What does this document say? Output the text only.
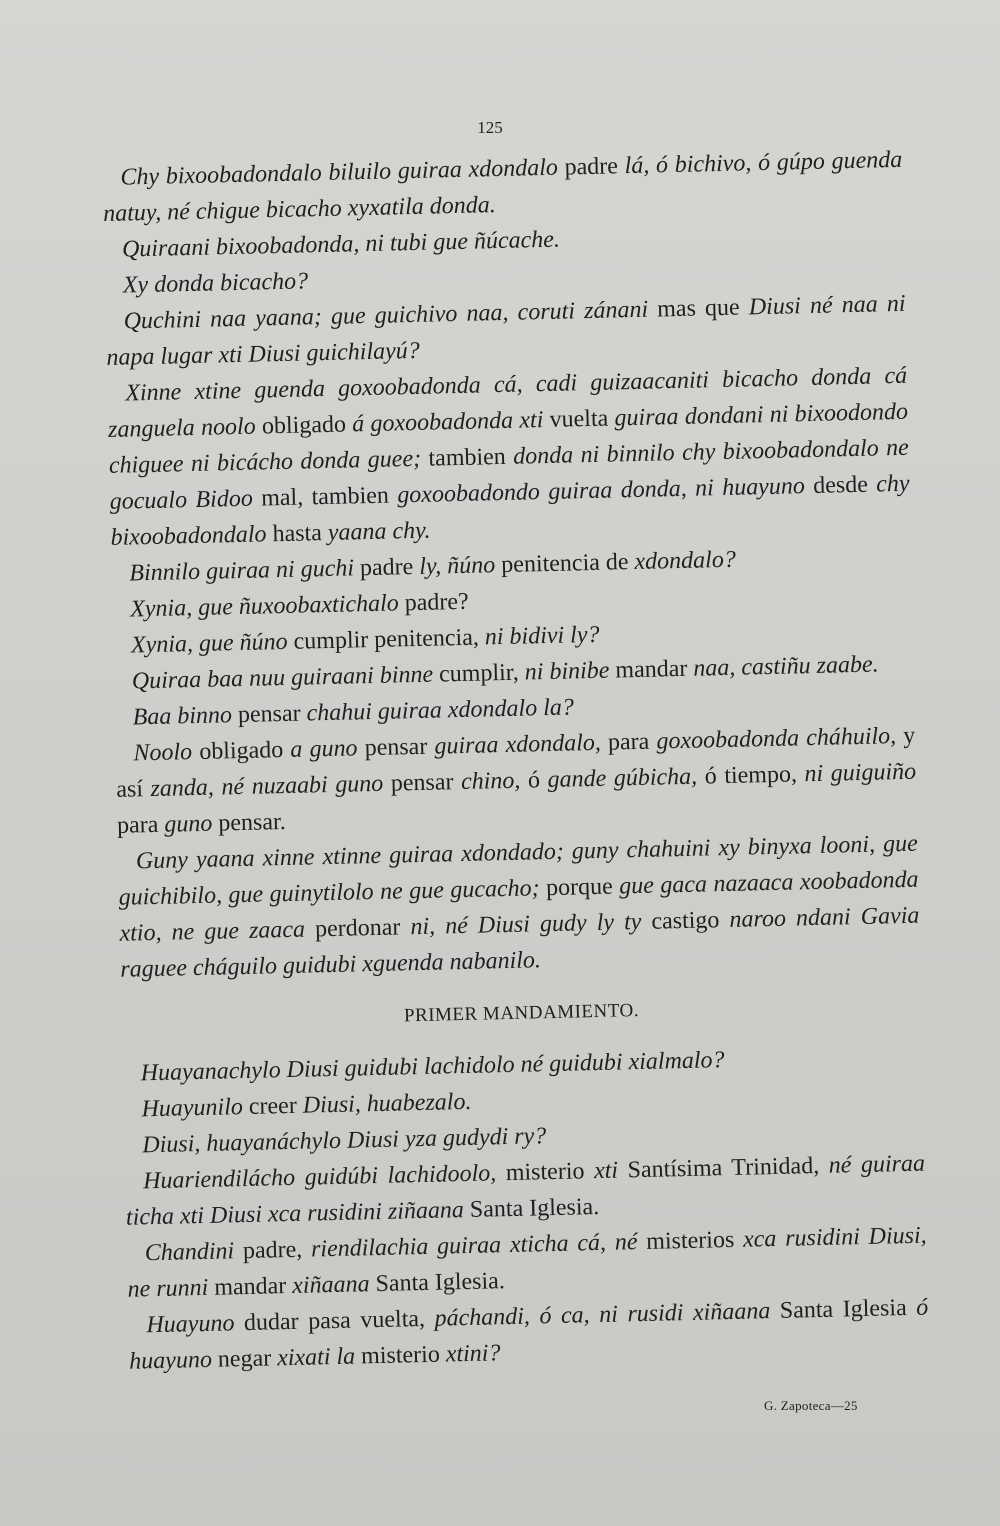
125

Chy bixoobadondalo biluilo guiraa xdondalo padre lá, ó bichivo, ó gúpo guenda natuy, né chigue bicacho xyxatila donda.

Quiraani bixoobadonda, ni tubi gue ñúcache.

Xy donda bicacho?

Quchini naa yaana; gue guichivo naa, coruti zánani mas que Diusi né naa ni napa lugar xti Diusi guichilayú?

Xinne xtine guenda goxoobadonda cá, cadi guizaacaniti bicacho donda cá zanguela noolo obligado á goxoobadonda xti vuelta guiraa dondani ni bixoodondo chiguee ni bicácho donda guee; tambien donda ni binnilo chy bixoobadondalo ne gocualo Bidoo mal, tambien goxoobadondo guiraa donda, ni huayuno desde chy bixoobadondalo hasta yaana chy.

Binnilo guiraa ni guchi padre ly, ñúno penitencia de xdondalo?

Xynia, gue ñuxoobaxtichalo padre?

Xynia, gue ñúno cumplir penitencia, ni bidivi ly?

Quiraa baa nuu guiraani binne cumplir, ni binibe mandar naa, castiñu zaabe.

Baa binno pensar chahui guiraa xdondalo la?

Noolo obligado a guno pensar guiraa xdondalo, para goxoobadonda cháhuilo, y así zanda, né nuzaabi guno pensar chino, ó gande gúbicha, ó tiempo, ni guiguiño para guno pensar.

Guny yaana xinne xtinne guiraa xdondado; guny chahuini xy binyxa looni, gue guichibilo, gue guinytilolo ne gue gucacho; porque gue gaca nazaaca xoobadonda xtio, ne gue zaaca perdonar ni, né Diusi gudy ly ty castigo naroo ndani Gavia raguee cháguilo guidubi xguenda nabanilo.

PRIMER MANDAMIENTO.

Huayanachylo Diusi guidubi lachidolo né guidubi xialmalo?

Huayunilo creer Diusi, huabezalo.

Diusi, huayanáchylo Diusi yza gudydi ry?

Huariendilácho guidúbi lachidoolo, misterio xti Santísima Trinidad, né guiraa ticha xti Diusi xca rusidini ziñaana Santa Iglesia.

Chandini padre, riendilachia guiraa xticha cá, né misterios xca rusidini Diusi, ne runni mandar xiñaana Santa Iglesia.

Huayuno dudar pasa vuelta, páchandi, ó ca, ni rusidi xiñaana Santa Iglesia ó huayuno negar xixati la misterio xtini?

G. Zapoteca—25
